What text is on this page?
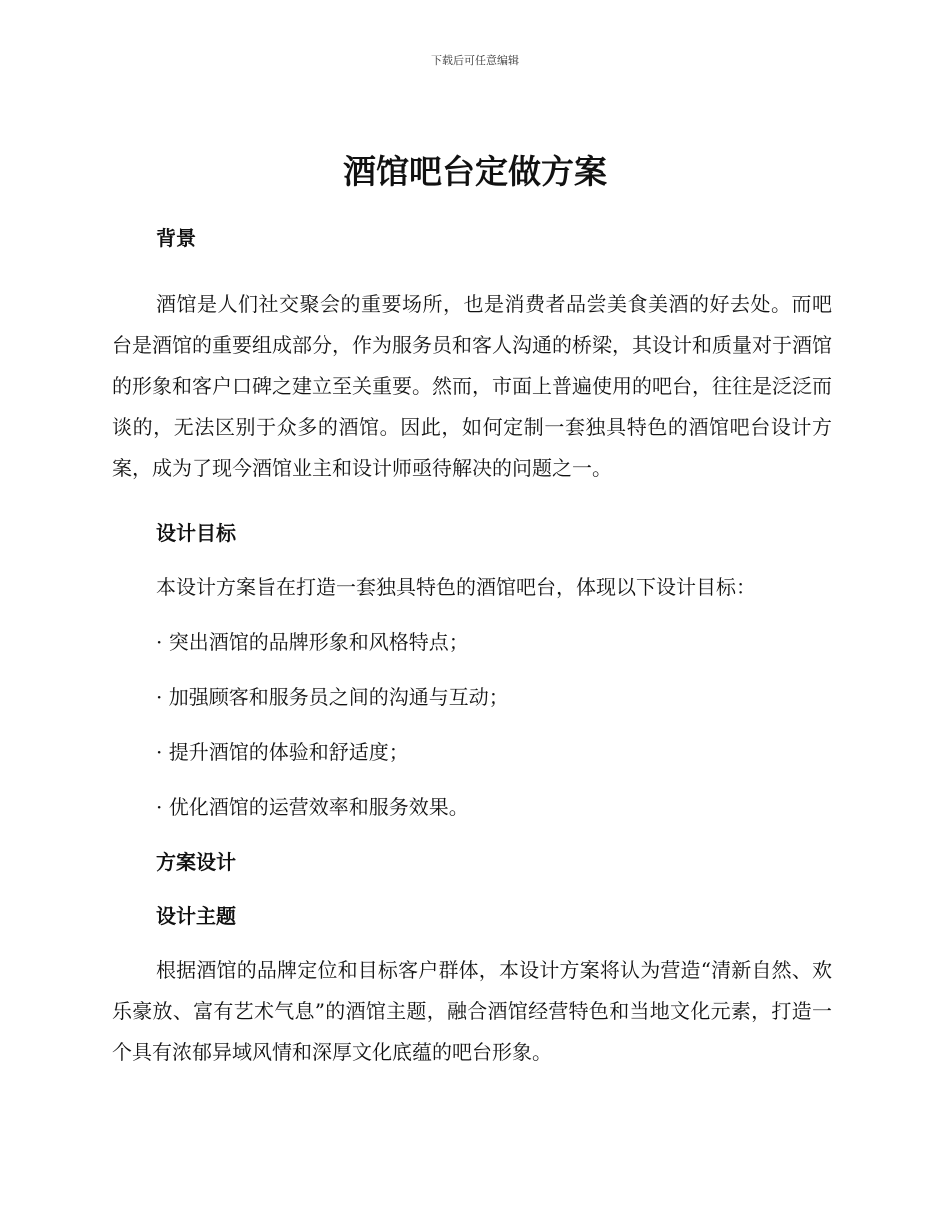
下载后可任意编辑
酒馆吧台定做方案
背景

酒馆是人们社交聚会的重要场所，也是消费者品尝美食美酒的好去处。而吧台是酒馆的重要组成部分，作为服务员和客人沟通的桥梁，其设计和质量对于酒馆的形象和客户口碑之建立至关重要。然而，市面上普遍使用的吧台，往往是泛泛而谈的，无法区别于众多的酒馆。因此，如何定制一套独具特色的酒馆吧台设计方案，成为了现今酒馆业主和设计师亟待解决的问题之一。

设计目标

本设计方案旨在打造一套独具特色的酒馆吧台，体现以下设计目标：

· 突出酒馆的品牌形象和风格特点；

· 加强顾客和服务员之间的沟通与互动；

· 提升酒馆的体验和舒适度；

· 优化酒馆的运营效率和服务效果。

方案设计
设计主题

根据酒馆的品牌定位和目标客户群体，本设计方案将认为营造“清新自然、欢乐豪放、富有艺术气息”的酒馆主题，融合酒馆经营特色和当地文化元素，打造一个具有浓郁异域风情和深厚文化底蕴的吧台形象。
